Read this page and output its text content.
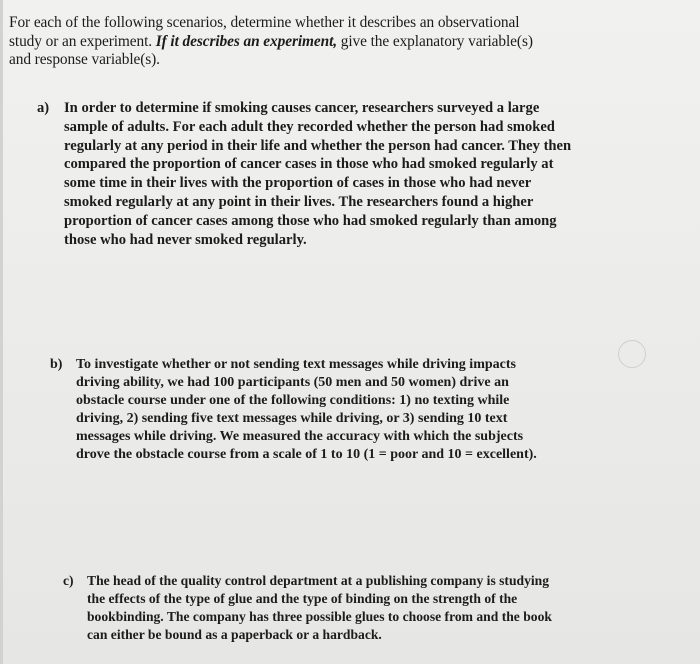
For each of the following scenarios, determine whether it describes an observational
study or an experiment. If it describes an experiment, give the explanatory variable(s)
and response variable(s).
a) In order to determine if smoking causes cancer, researchers surveyed a large
sample of adults. For each adult they recorded whether the person had smoked
regularly at any period in their life and whether the person had cancer. They then
compared the proportion of cancer cases in those who had smoked regularly at
some time in their lives with the proportion of cases in those who had never
smoked regularly at any point in their lives. The researchers found a higher
proportion of cancer cases among those who had smoked regularly than among
those who had never smoked regularly.
b) To investigate whether or not sending text messages while driving impacts
driving ability, we had 100 participants (50 men and 50 women) drive an
obstacle course under one of the following conditions: 1) no texting while
driving, 2) sending five text messages while driving, or 3) sending 10 text
messages while driving. We measured the accuracy with which the subjects
drove the obstacle course from a scale of 1 to 10 (1 = poor and 10 = excellent).
c) The head of the quality control department at a publishing company is studying
the effects of the type of glue and the type of binding on the strength of the
bookbinding. The company has three possible glues to choose from and the book
can either be bound as a paperback or a hardback.
